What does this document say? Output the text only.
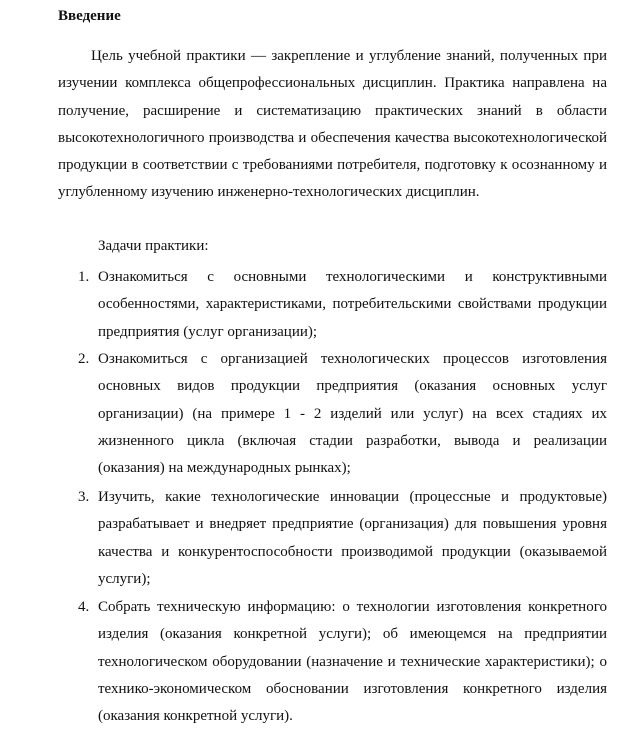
Введение

Цель учебной практики — закрепление и углубление знаний, полученных при изучении комплекса общепрофессиональных дисциплин. Практика направлена на получение, расширение и систематизацию практических знаний в области высокотехнологичного производства и обеспечения качества высокотехнологической продукции в соответствии с требованиями потребителя, подготовку к осознанному и углубленному изучению инженерно-технологических дисциплин.

Задачи практики:

1. Ознакомиться с основными технологическими и конструктивными особенностями, характеристиками, потребительскими свойствами продукции предприятия (услуг организации);

2. Ознакомиться с организацией технологических процессов изготовления основных видов продукции предприятия (оказания основных услуг организации) (на примере 1 - 2 изделий или услуг) на всех стадиях их жизненного цикла (включая стадии разработки, вывода и реализации (оказания) на международных рынках);

3. Изучить, какие технологические инновации (процессные и продуктовые) разрабатывает и внедряет предприятие (организация) для повышения уровня качества и конкурентоспособности производимой продукции (оказываемой услуги);

4. Собрать техническую информацию: о технологии изготовления конкретного изделия (оказания конкретной услуги); об имеющемся на предприятии технологическом оборудовании (назначение и технические характеристики); о технико-экономическом обосновании изготовления конкретного изделия (оказания конкретной услуги).
